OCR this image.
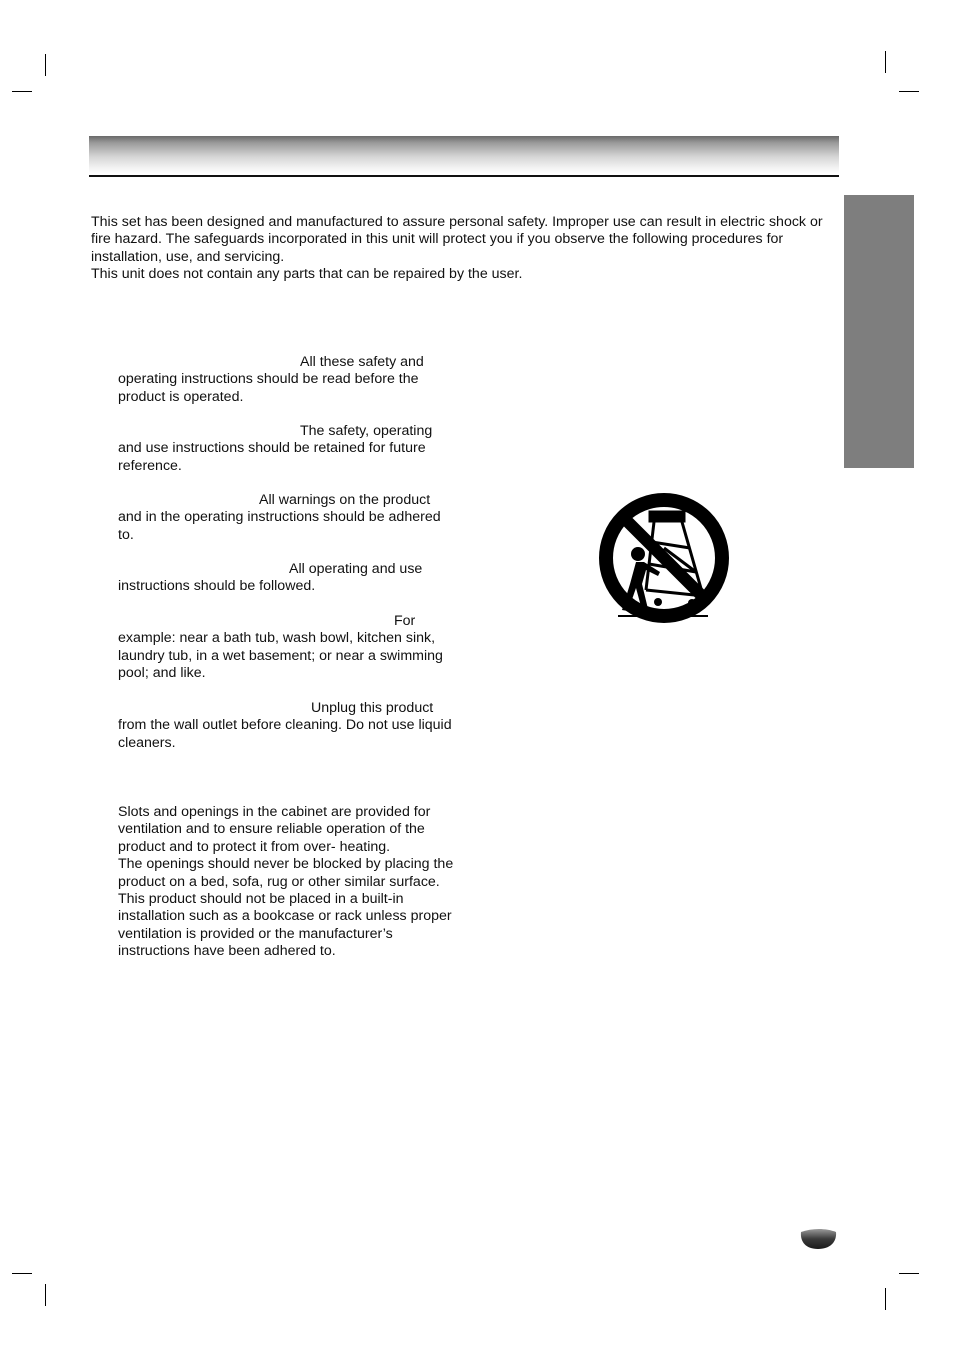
This set has been designed and manufactured to assure personal safety. Improper use can result in electric shock or fire hazard. The safeguards incorporated in this unit will protect you if you observe the following procedures for installation, use, and servicing.

This unit does not contain any parts that can be repaired by the user.

All these safety and

operating instructions should be read before the product is operated.

The safety, operating

and use instructions should be retained for future reference.

All warnings on the product

and in the operating instructions should be adhered to.

All operating and use

instructions should be followed.

For

example: near a bath tub, wash bowl, kitchen sink, laundry tub, in a wet basement; or near a swimming pool; and like.

Unplug this product

from the wall outlet before cleaning. Do not use liquid cleaners.

Slots and openings in the cabinet are provided for ventilation and to ensure reliable operation of the product and to protect it from over- heating.

The openings should never be blocked by placing the product on a bed, sofa, rug or other similar surface. This product should not be placed in a built-in installation such as a bookcase or rack unless proper ventilation is provided or the manufacturer’s instructions have been adhered to.
